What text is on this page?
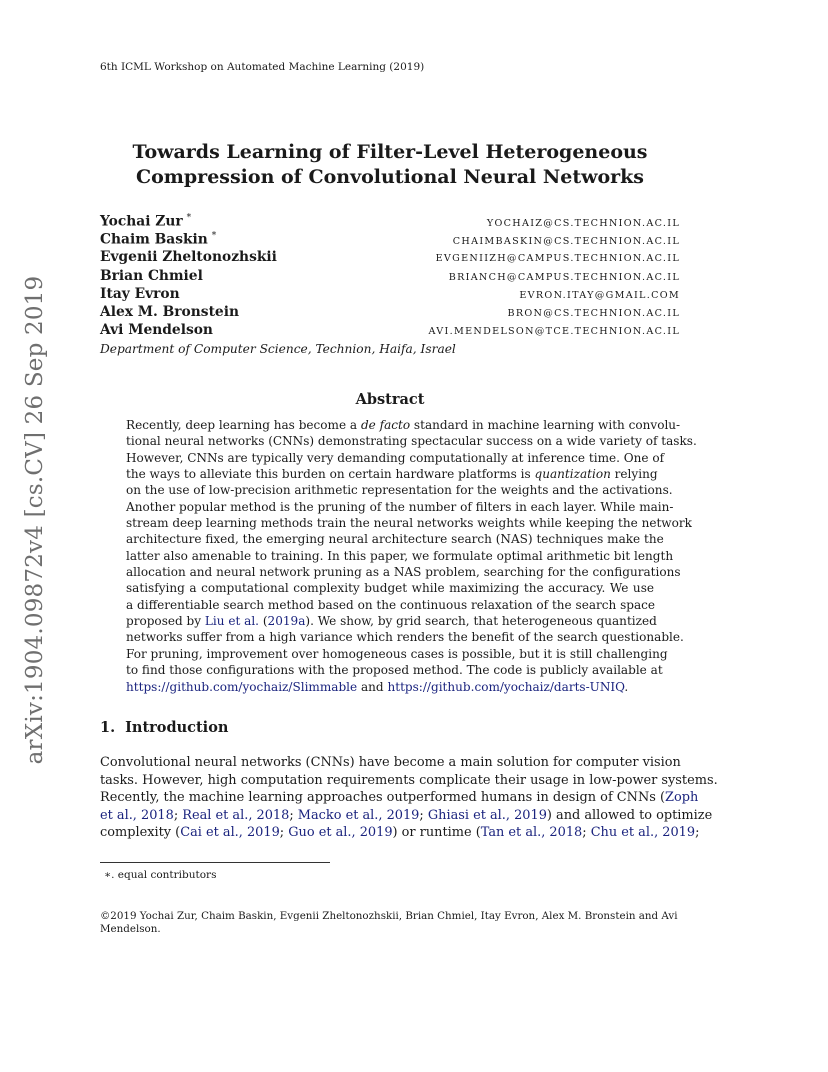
6th ICML Workshop on Automated Machine Learning (2019)
arXiv:1904.09872v4 [cs.CV] 26 Sep 2019
Towards Learning of Filter-Level Heterogeneous
Compression of Convolutional Neural Networks
Yochai Zur *	YOCHAIZ@CS.TECHNION.AC.IL
Chaim Baskin *	CHAIMBASKIN@CS.TECHNION.AC.IL
Evgenii Zheltonozhskii	EVGENIIZH@CAMPUS.TECHNION.AC.IL
Brian Chmiel	BRIANCH@CAMPUS.TECHNION.AC.IL
Itay Evron	EVRON.ITAY@GMAIL.COM
Alex M. Bronstein	BRON@CS.TECHNION.AC.IL
Avi Mendelson	AVI.MENDELSON@TCE.TECHNION.AC.IL
Department of Computer Science, Technion, Haifa, Israel
Abstract
Recently, deep learning has become a de facto standard in machine learning with convolu-
tional neural networks (CNNs) demonstrating spectacular success on a wide variety of tasks.
However, CNNs are typically very demanding computationally at inference time. One of
the ways to alleviate this burden on certain hardware platforms is quantization relying
on the use of low-precision arithmetic representation for the weights and the activations.
Another popular method is the pruning of the number of filters in each layer. While main-
stream deep learning methods train the neural networks weights while keeping the network
architecture fixed, the emerging neural architecture search (NAS) techniques make the
latter also amenable to training. In this paper, we formulate optimal arithmetic bit length
allocation and neural network pruning as a NAS problem, searching for the configurations
satisfying a computational complexity budget while maximizing the accuracy. We use
a differentiable search method based on the continuous relaxation of the search space
proposed by Liu et al. (2019a). We show, by grid search, that heterogeneous quantized
networks suffer from a high variance which renders the benefit of the search questionable.
For pruning, improvement over homogeneous cases is possible, but it is still challenging
to find those configurations with the proposed method. The code is publicly available at
https://github.com/yochaiz/Slimmable and https://github.com/yochaiz/darts-UNIQ.
1. Introduction
Convolutional neural networks (CNNs) have become a main solution for computer vision
tasks. However, high computation requirements complicate their usage in low-power systems.
Recently, the machine learning approaches outperformed humans in design of CNNs (Zoph
et al., 2018; Real et al., 2018; Macko et al., 2019; Ghiasi et al., 2019) and allowed to optimize
complexity (Cai et al., 2019; Guo et al., 2019) or runtime (Tan et al., 2018; Chu et al., 2019;
∗. equal contributors
©2019 Yochai Zur, Chaim Baskin, Evgenii Zheltonozhskii, Brian Chmiel, Itay Evron, Alex M. Bronstein and Avi
Mendelson.
